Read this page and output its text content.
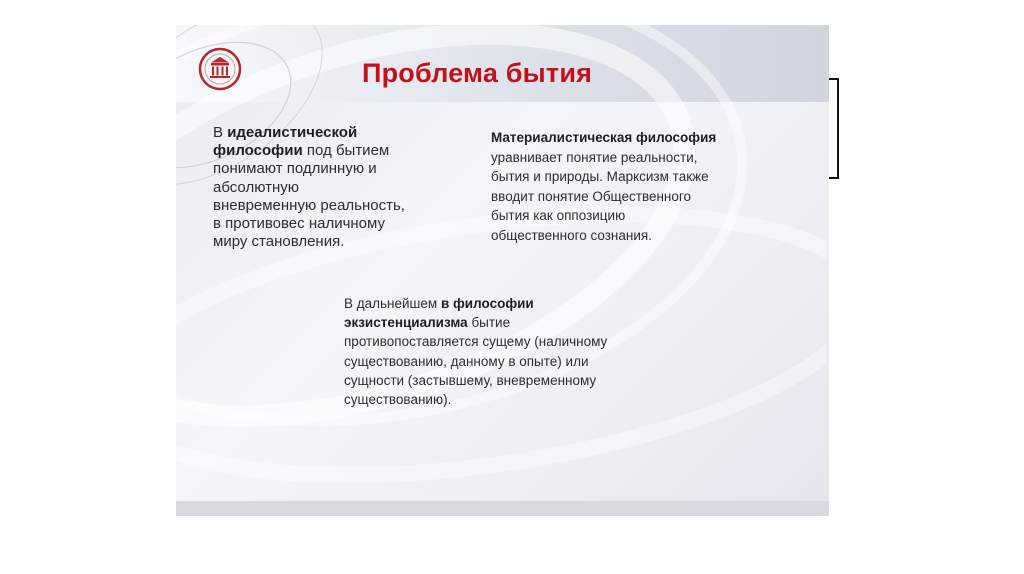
Проблема бытия
В идеалистической
философии под бытием
понимают подлинную и
абсолютную
вневременную реальность,
в противовес наличному
миру становления.
Материалистическая философия
уравнивает понятие реальности,
бытия и природы. Марксизм также
вводит понятие Общественного
бытия как оппозицию
общественного сознания.
В дальнейшем в философии
экзистенциализма бытие
противопоставляется сущему (наличному
существованию, данному в опыте) или
сущности (застывшему, вневременному
существованию).
